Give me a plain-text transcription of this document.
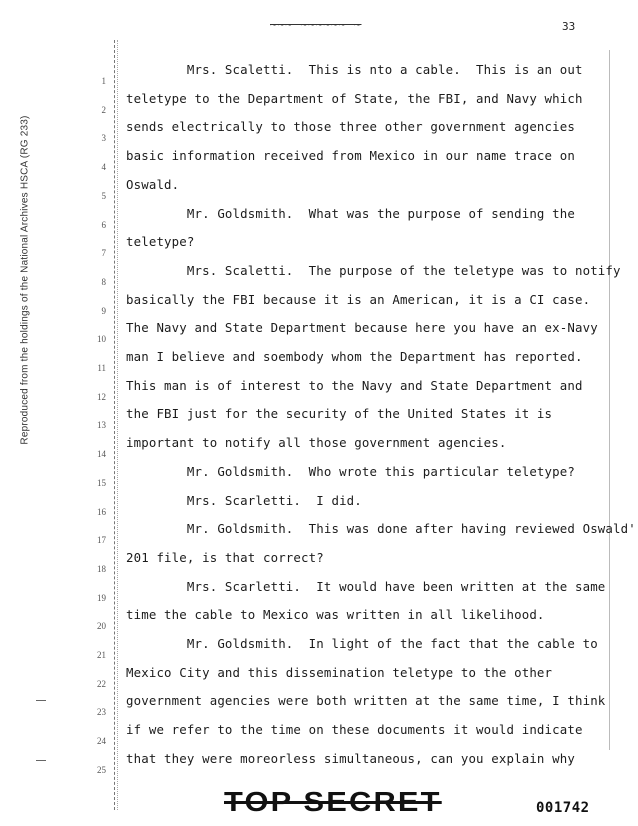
Reproduced from the holdings of the National Archives HSCA (RG 233)
~~~ ~~~~~~ ~	33
1
2
3
4
5
6
7
8
9
10
11
12
13
14
15
16
17
18
19
20
21
22
23
24
25
Mrs. Scaletti.  This is nto a cable.  This is an out
teletype to the Department of State, the FBI, and Navy which
sends electrically to those three other government agencies
basic information received from Mexico in our name trace on
Oswald.
Mr. Goldsmith.  What was the purpose of sending the
teletype?
Mrs. Scaletti.  The purpose of the teletype was to notify
basically the FBI because it is an American, it is a CI case.
The Navy and State Department because here you have an ex-Navy
man I believe and soembody whom the Department has reported.
This man is of interest to the Navy and State Department and
the FBI just for the security of the United States it is
important to notify all those government agencies.
Mr. Goldsmith.  Who wrote this particular teletype?
Mrs. Scarletti.  I did.
Mr. Goldsmith.  This was done after having reviewed Oswald'
201 file, is that correct?
Mrs. Scarletti.  It would have been written at the same
time the cable to Mexico was written in all likelihood.
Mr. Goldsmith.  In light of the fact that the cable to
Mexico City and this dissemination teletype to the other
government agencies were both written at the same time, I think
if we refer to the time on these documents it would indicate
that they were moreorless simultaneous, can you explain why
001742
TOP SECRET
